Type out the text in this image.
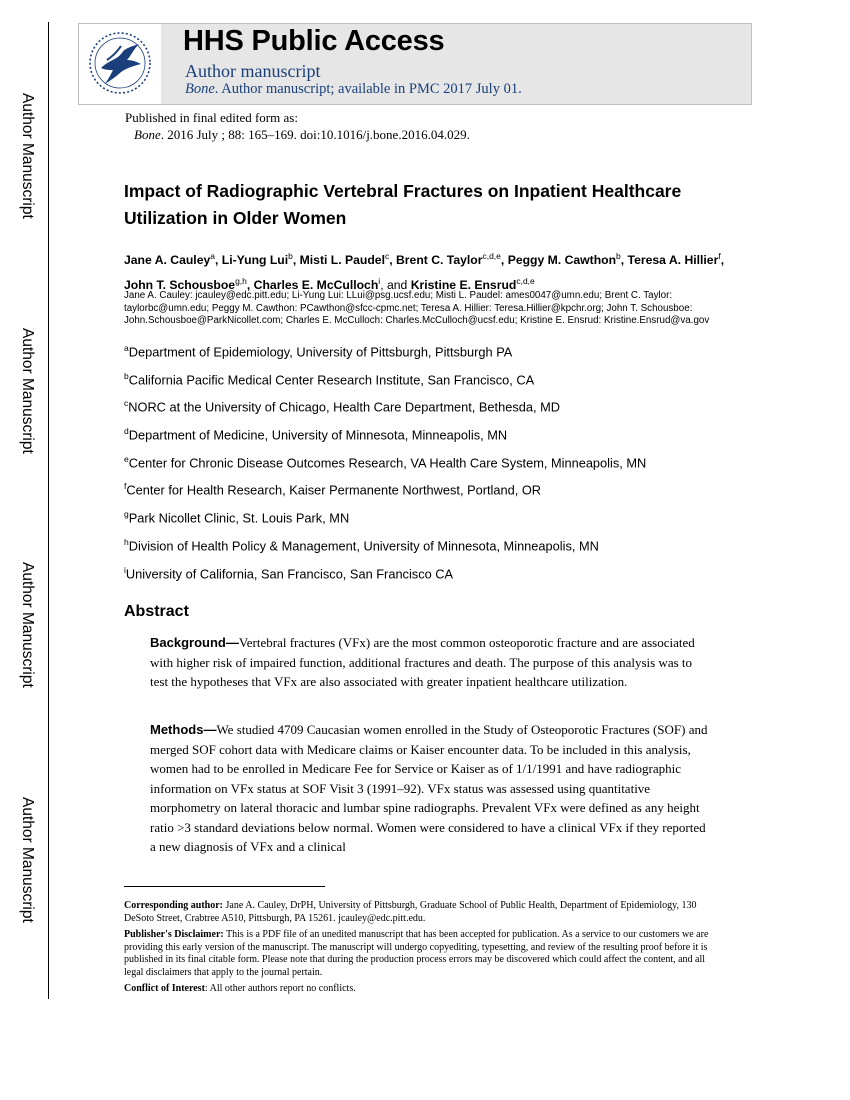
Author Manuscript
Author Manuscript
Author Manuscript
Author Manuscript
HHS Public Access
Author manuscript
Bone. Author manuscript; available in PMC 2017 July 01.
Published in final edited form as:
Bone. 2016 July ; 88: 165–169. doi:10.1016/j.bone.2016.04.029.
Impact of Radiographic Vertebral Fractures on Inpatient Healthcare Utilization in Older Women
Jane A. Cauley$^a$, Li-Yung Lui$^b$, Misti L. Paudel$^c$, Brent C. Taylor$^{c,d,e}$, Peggy M. Cawthon$^b$, Teresa A. Hillier$^f$, John T. Schousboe$^{g,h}$, Charles E. McCulloch$^i$, and Kristine E. Ensrud$^{c,d,e}$
Jane A. Cauley: jcauley@edc.pitt.edu; Li-Yung Lui: LLui@psg.ucsf.edu; Misti L. Paudel: ames0047@umn.edu; Brent C. Taylor: taylorbc@umn.edu; Peggy M. Cawthon: PCawthon@sfcc-cpmc.net; Teresa A. Hillier: Teresa.Hillier@kpchr.org; John T. Schousboe: John.Schousboe@ParkNicollet.com; Charles E. McCulloch: Charles.McCulloch@ucsf.edu; Kristine E. Ensrud: Kristine.Ensrud@va.gov
$^a$Department of Epidemiology, University of Pittsburgh, Pittsburgh PA
$^b$California Pacific Medical Center Research Institute, San Francisco, CA
$^c$NORC at the University of Chicago, Health Care Department, Bethesda, MD
$^d$Department of Medicine, University of Minnesota, Minneapolis, MN
$^e$Center for Chronic Disease Outcomes Research, VA Health Care System, Minneapolis, MN
$^f$Center for Health Research, Kaiser Permanente Northwest, Portland, OR
$^g$Park Nicollet Clinic, St. Louis Park, MN
$^h$Division of Health Policy & Management, University of Minnesota, Minneapolis, MN
$^i$University of California, San Francisco, San Francisco CA
Abstract
Background—Vertebral fractures (VFx) are the most common osteoporotic fracture and are associated with higher risk of impaired function, additional fractures and death. The purpose of this analysis was to test the hypotheses that VFx are also associated with greater inpatient healthcare utilization.
Methods—We studied 4709 Caucasian women enrolled in the Study of Osteoporotic Fractures (SOF) and merged SOF cohort data with Medicare claims or Kaiser encounter data. To be included in this analysis, women had to be enrolled in Medicare Fee for Service or Kaiser as of 1/1/1991 and have radiographic information on VFx status at SOF Visit 3 (1991–92). VFx status was assessed using quantitative morphometry on lateral thoracic and lumbar spine radiographs. Prevalent VFx were defined as any height ratio >3 standard deviations below normal. Women were considered to have a clinical VFx if they reported a new diagnosis of VFx and a clinical

Corresponding author: Jane A. Cauley, DrPH, University of Pittsburgh, Graduate School of Public Health, Department of Epidemiology, 130 DeSoto Street, Crabtree A510, Pittsburgh, PA 15261. jcauley@edc.pitt.edu.

Publisher's Disclaimer: This is a PDF file of an unedited manuscript that has been accepted for publication. As a service to our customers we are providing this early version of the manuscript. The manuscript will undergo copyediting, typesetting, and review of the resulting proof before it is published in its final citable form. Please note that during the production process errors may be discovered which could affect the content, and all legal disclaimers that apply to the journal pertain.

Conflict of Interest: All other authors report no conflicts.
